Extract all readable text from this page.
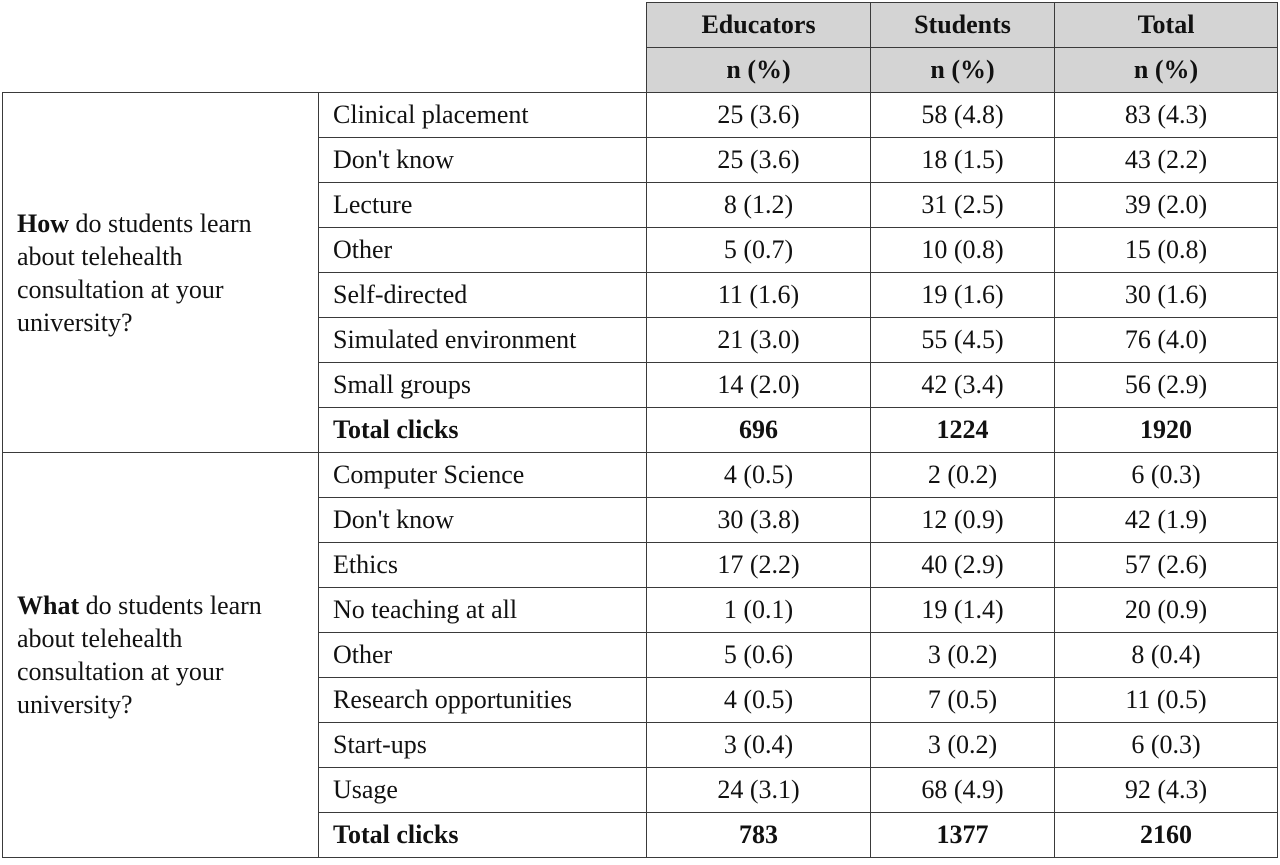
		Educators	Students	Total
		n (%)	n (%)	n (%)
How do students learn about telehealth consultation at your university?	Clinical placement	25 (3.6)	58 (4.8)	83 (4.3)
	Don't know	25 (3.6)	18 (1.5)	43 (2.2)
	Lecture	8 (1.2)	31 (2.5)	39 (2.0)
	Other	5 (0.7)	10 (0.8)	15 (0.8)
	Self-directed	11 (1.6)	19 (1.6)	30 (1.6)
	Simulated environment	21 (3.0)	55 (4.5)	76 (4.0)
	Small groups	14 (2.0)	42 (3.4)	56 (2.9)
	Total clicks	696	1224	1920
What do students learn about telehealth consultation at your university?	Computer Science	4 (0.5)	2 (0.2)	6 (0.3)
	Don't know	30 (3.8)	12 (0.9)	42 (1.9)
	Ethics	17 (2.2)	40 (2.9)	57 (2.6)
	No teaching at all	1 (0.1)	19 (1.4)	20 (0.9)
	Other	5 (0.6)	3 (0.2)	8 (0.4)
	Research opportunities	4 (0.5)	7 (0.5)	11 (0.5)
	Start-ups	3 (0.4)	3 (0.2)	6 (0.3)
	Usage	24 (3.1)	68 (4.9)	92 (4.3)
	Total clicks	783	1377	2160
